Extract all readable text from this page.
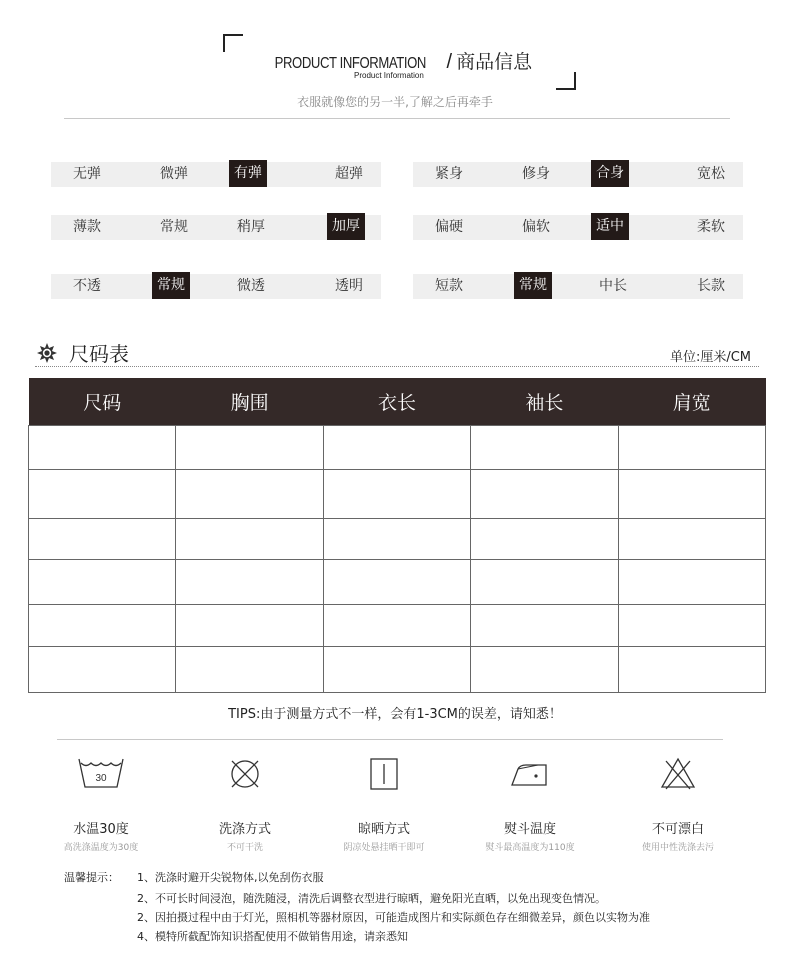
PRODUCT INFORMATION / 商品信息
Product Information
衣服就像您的另一半,了解之后再牵手
无弹	微弹	有弹	超弹	紧身	修身	合身	宽松
薄款	常规	稍厚	加厚	偏硬	偏软	适中	柔软
不透	常规	微透	透明	短款	常规	中长	长款
尺码表	单位:厘米/CM
尺码	胸围	衣长	袖长	肩宽

TIPS:由于测量方式不一样，会有1-3CM的误差，请知悉！
30
水温30度
高洗涤温度为30度
洗涤方式
不可干洗
晾晒方式
阴凉处悬挂晒干即可
熨斗温度
熨斗最高温度为110度
不可漂白
使用中性洗涤去污
温馨提示： 1、洗涤时避开尖锐物体,以免刮伤衣服
2、不可长时间浸泡，随洗随浸，清洗后调整衣型进行晾晒，避免阳光直晒，以免出现变色情况。
2、因拍摄过程中由于灯光，照相机等器材原因，可能造成图片和实际颜色存在细微差异，颜色以实物为准
4、模特所截配饰知识搭配使用不做销售用途，请亲悉知
